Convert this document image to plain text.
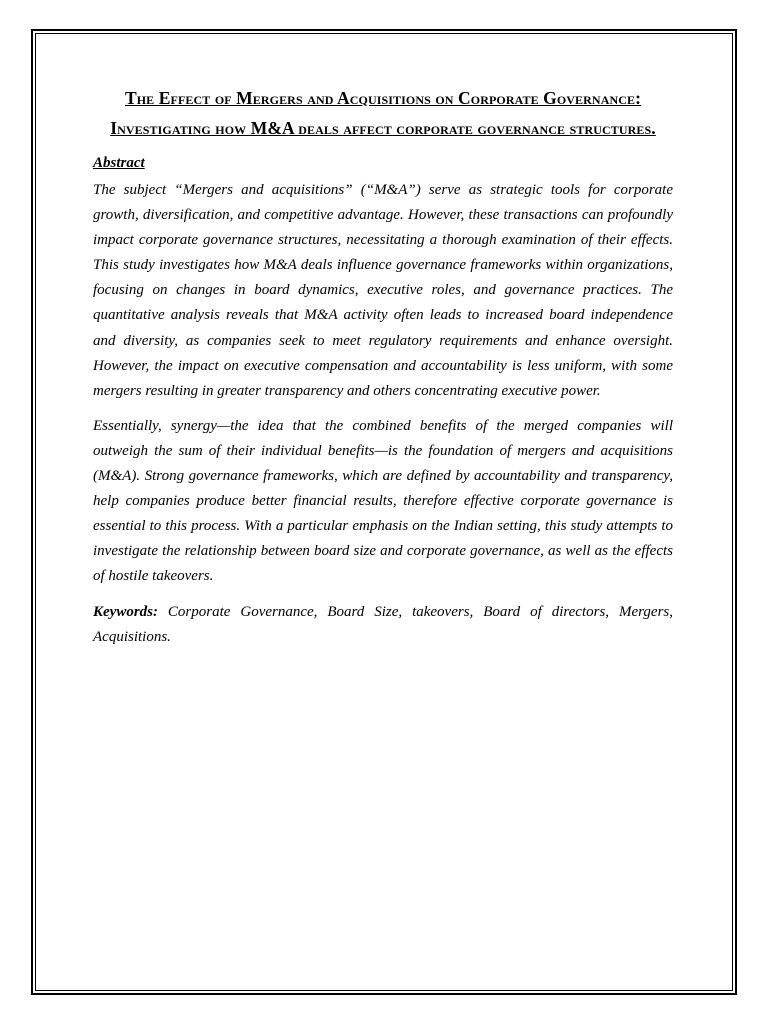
The Effect of Mergers and Acquisitions on Corporate Governance: Investigating how M&A deals affect corporate governance structures.
Abstract

The subject “Mergers and acquisitions” (“M&A”) serve as strategic tools for corporate growth, diversification, and competitive advantage. However, these transactions can profoundly impact corporate governance structures, necessitating a thorough examination of their effects. This study investigates how M&A deals influence governance frameworks within organizations, focusing on changes in board dynamics, executive roles, and governance practices. The quantitative analysis reveals that M&A activity often leads to increased board independence and diversity, as companies seek to meet regulatory requirements and enhance oversight. However, the impact on executive compensation and accountability is less uniform, with some mergers resulting in greater transparency and others concentrating executive power.

Essentially, synergy—the idea that the combined benefits of the merged companies will outweigh the sum of their individual benefits—is the foundation of mergers and acquisitions (M&A). Strong governance frameworks, which are defined by accountability and transparency, help companies produce better financial results, therefore effective corporate governance is essential to this process. With a particular emphasis on the Indian setting, this study attempts to investigate the relationship between board size and corporate governance, as well as the effects of hostile takeovers.

Keywords: Corporate Governance, Board Size, takeovers, Board of directors, Mergers, Acquisitions.
